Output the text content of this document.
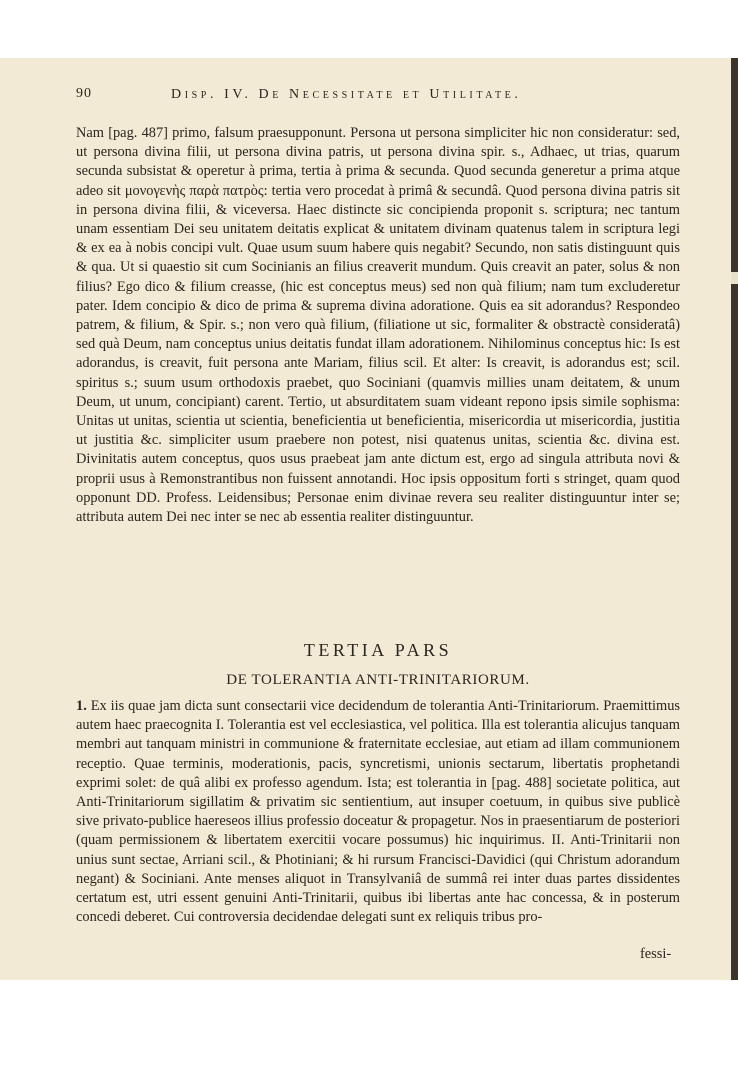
90	Disp. IV. De Necessitate et Utilitate.

Nam [pag. 487] primo, falsum praesupponunt. Persona ut persona simpliciter hic non consideratur: sed, ut persona divina filii, ut persona divina patris, ut persona divina spir. s., Adhaec, ut trias, quarum secunda subsistat & operetur à prima, tertia à prima & secunda. Quod secunda generetur a prima atque adeo sit μονογενὴς παρὰ πατρὸς: tertia vero procedat à primâ & secundâ. Quod persona divina patris sit in persona divina filii, & viceversa. Haec distincte sic concipienda proponit s. scriptura; nec tantum unam essentiam Dei seu unitatem deitatis explicat & unitatem divinam quatenus talem in scriptura legi & ex ea à nobis concipi vult. Quae usum suum habere quis negabit? Secundo, non satis distinguunt quis & qua. Ut si quaestio sit cum Socinianis an filius creaverit mundum. Quis creavit an pater, solus & non filius? Ego dico & filium creasse, (hic est conceptus meus) sed non quà filium; nam tum excluderetur pater. Idem concipio & dico de prima & suprema divina adoratione. Quis ea sit adorandus? Respondeo patrem, & filium, & Spir. s.; non vero quà filium, (filiatione ut sic, formaliter & obstractè consideratâ) sed quà Deum, nam conceptus unius deitatis fundat illam adorationem. Nihilominus conceptus hic: Is est adorandus, is creavit, fuit persona ante Mariam, filius scil. Et alter: Is creavit, is adorandus est; scil. spiritus s.; suum usum orthodoxis praebet, quo Sociniani (quamvis millies unam deitatem, & unum Deum, ut unum, concipiant) carent. Tertio, ut absurditatem suam videant repono ipsis simile sophisma: Unitas ut unitas, scientia ut scientia, beneficientia ut beneficientia, misericordia ut misericordia, justitia ut justitia &c. simpliciter usum praebere non potest, nisi quatenus unitas, scientia &c. divina est. Divinitatis autem conceptus, quos usus praebeat jam ante dictum est, ergo ad singula attributa novi & proprii usus à Remonstrantibus non fuissent annotandi. Hoc ipsis oppositum forti s stringet, quam quod opponunt DD. Profess. Leidensibus; Personae enim divinae revera seu realiter distinguuntur inter se; attributa autem Dei nec inter se nec ab essentia realiter distinguuntur.

TERTIA PARS
DE TOLERANTIA ANTI-TRINITARIORUM.

1. Ex iis quae jam dicta sunt consectarii vice decidendum de tolerantia Anti-Trinitariorum. Praemittimus autem haec praecognita I. Tolerantia est vel ecclesiastica, vel politica. Illa est tolerantia alicujus tanquam membri aut tanquam ministri in communione & fraternitate ecclesiae, aut etiam ad illam communionem receptio. Quae terminis, moderationis, pacis, syncretismi, unionis sectarum, libertatis prophetandi exprimi solet: de quâ alibi ex professo agendum. Ista; est tolerantia in [pag. 488] societate politica, aut Anti-Trinitariorum sigillatim & privatim sic sentientium, aut insuper coetuum, in quibus sive publicè sive privato-publice haereseos illius professio doceatur & propagetur. Nos in praesentiarum de posteriori (quam permissionem & libertatem exercitii vocare possumus) hic inquirimus. II. Anti-Trinitarii non unius sunt sectae, Arriani scil., & Photiniani; & hi rursum Francisci-Davidici (qui Christum adorandum negant) & Sociniani. Ante menses aliquot in Transylvaniâ de summâ rei inter duas partes dissidentes certatum est, utri essent genuini Anti-Trinitarii, quibus ibi libertas ante hac concessa, & in posterum concedi deberet. Cui controversia decidendae delegati sunt ex reliquis tribus pro-

fessi-
